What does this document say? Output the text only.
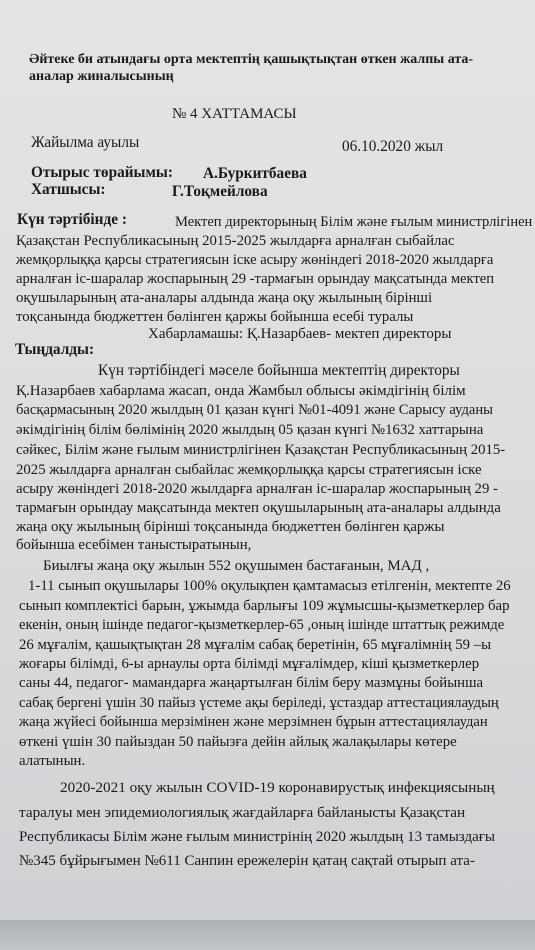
Әйтеке би атындағы орта мектептің қашықтықтан өткен жалпы ата-
аналар жиналысының
№ 4 ХАТТАМАСЫ
Жайылма ауылы	06.10.2020 жыл
Отырыс төрайымы: А.Буркитбаева
Хатшысы:	Г.Тоқмейлова
Күн тәртібінде :	Мектеп директорының Білім және ғылым министрлігінен
Қазақстан Республикасының 2015-2025 жылдарға арналған сыбайлас
жемқорлыққа қарсы стратегиясын іске асыру жөніндегі 2018-2020 жылдарға
арналған іс-шаралар жоспарының 29 -тармағын орындау мақсатында мектеп
оқушыларының ата-аналары алдында жаңа оқу жылының бірінші
тоқсанында бюджеттен бөлінген қаржы бойынша есебі туралы
Хабарламашы: Қ.Назарбаев- мектеп директоры
Тыңдалды:
Күн тәртібіндегі мәселе бойынша мектептің директоры
Қ.Назарбаев хабарлама жасап, онда Жамбыл облысы әкімдігінің білім
басқармасының 2020 жылдың 01 қазан күнгі №01-4091 және Сарысу ауданы
әкімдігінің білім бөлімінің 2020 жылдың 05 қазан күнгі №1632 хаттарына
сәйкес, Білім және ғылым министрлігінен Қазақстан Республикасының 2015-
2025 жылдарға арналған сыбайлас жемқорлыққа қарсы стратегиясын іске
асыру жөніндегі 2018-2020 жылдарға арналған іс-шаралар жоспарының 29 -
тармағын орындау мақсатында мектеп оқушыларының ата-аналары алдында
жаңа оқу жылының бірінші тоқсанында бюджеттен бөлінген қаржы
бойынша есебімен таныстыратынын,
Биылғы жаңа оқу жылын 552 оқушымен бастағанын, МАД ,
1-11 сынып оқушылары 100% оқулықпен қамтамасыз етілгенін, мектепте 26
сынып комплектісі барын, ұжымда барлығы 109 жұмысшы-қызметкерлер бар
екенін, оның ішінде педагог-қызметкерлер-65 ,оның ішінде штаттық режимде
26 мұғалім, қашықтықтан 28 мұғалім сабақ беретінін, 65 мұғалімнің 59 –ы
жоғары білімді, 6-ы арнаулы орта білімді мұғалімдер, кіші қызметкерлер
саны 44, педагог- мамандарға жаңартылған білім беру мазмұны бойынша
сабақ бергені үшін 30 пайыз үстеме ақы беріледі, ұстаздар аттестациялаудың
жаңа жүйесі бойынша мерзімінен және мерзімнен бұрын аттестациялаудан
өткені үшін 30 пайыздан 50 пайызға дейін айлық жалақылары көтере
алатынын.
2020-2021 оқу жылын COVID-19 коронавирустық инфекциясының
таралуы мен эпидемиологиялық жағдайларға байланысты Қазақстан
Республикасы Білім және ғылым министрінің 2020 жылдың 13 тамыздағы
№345 бұйрығымен №611 Санпин ережелерін қатаң сақтай отырып ата-
